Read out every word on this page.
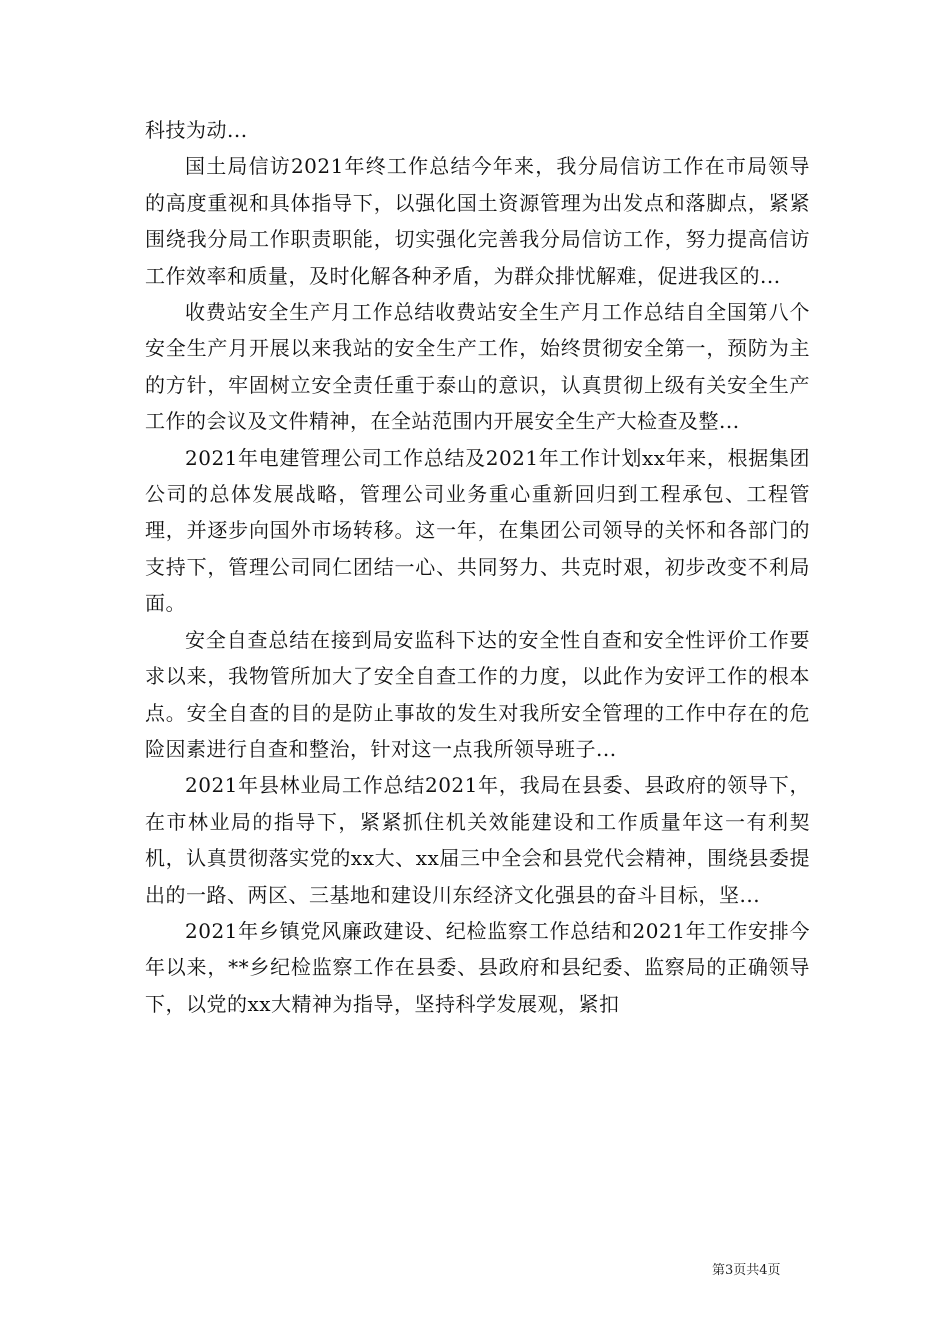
科技为动...

国土局信访2021年终工作总结今年来，我分局信访工作在市局领导的高度重视和具体指导下，以强化国土资源管理为出发点和落脚点，紧紧围绕我分局工作职责职能，切实强化完善我分局信访工作，努力提高信访工作效率和质量，及时化解各种矛盾，为群众排忧解难，促进我区的...

收费站安全生产月工作总结收费站安全生产月工作总结自全国第八个安全生产月开展以来我站的安全生产工作，始终贯彻安全第一，预防为主的方针，牢固树立安全责任重于泰山的意识，认真贯彻上级有关安全生产工作的会议及文件精神，在全站范围内开展安全生产大检查及整...

2021年电建管理公司工作总结及2021年工作计划xx年来，根据集团公司的总体发展战略，管理公司业务重心重新回归到工程承包、工程管理，并逐步向国外市场转移。这一年，在集团公司领导的关怀和各部门的支持下，管理公司同仁团结一心、共同努力、共克时艰，初步改变不利局面。

安全自查总结在接到局安监科下达的安全性自查和安全性评价工作要求以来，我物管所加大了安全自查工作的力度，以此作为安评工作的根本点。安全自查的目的是防止事故的发生对我所安全管理的工作中存在的危险因素进行自查和整治，针对这一点我所领导班子...

2021年县林业局工作总结2021年，我局在县委、县政府的领导下，在市林业局的指导下，紧紧抓住机关效能建设和工作质量年这一有利契机，认真贯彻落实党的xx大、xx届三中全会和县党代会精神，围绕县委提出的一路、两区、三基地和建设川东经济文化强县的奋斗目标，坚...

2021年乡镇党风廉政建设、纪检监察工作总结和2021年工作安排今年以来，**乡纪检监察工作在县委、县政府和县纪委、监察局的正确领导下，以党的xx大精神为指导，坚持科学发展观，紧扣

第3页共4页
